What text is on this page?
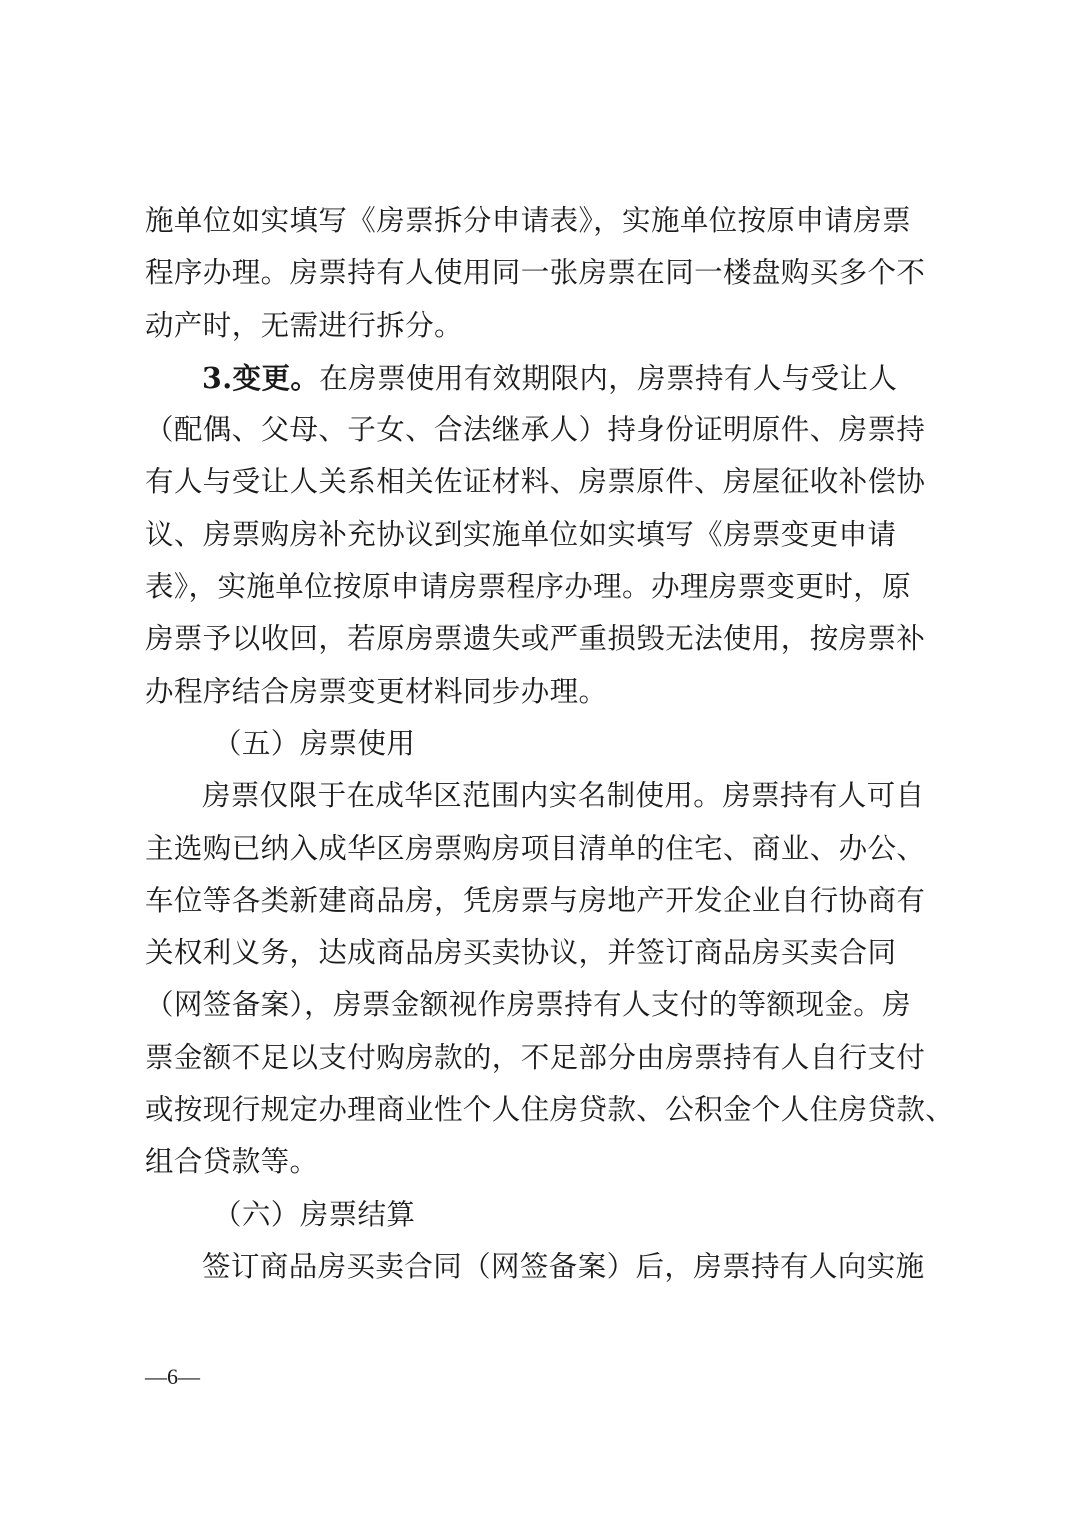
施单位如实填写《房票拆分申请表》，实施单位按原申请房票
程序办理。房票持有人使用同一张房票在同一楼盘购买多个不
动产时，无需进行拆分。
3.变更。在房票使用有效期限内，房票持有人与受让人
（配偶、父母、子女、合法继承人）持身份证明原件、房票持
有人与受让人关系相关佐证材料、房票原件、房屋征收补偿协
议、房票购房补充协议到实施单位如实填写《房票变更申请
表》，实施单位按原申请房票程序办理。办理房票变更时，原
房票予以收回，若原房票遗失或严重损毁无法使用，按房票补
办程序结合房票变更材料同步办理。
（五）房票使用
房票仅限于在成华区范围内实名制使用。房票持有人可自
主选购已纳入成华区房票购房项目清单的住宅、商业、办公、
车位等各类新建商品房，凭房票与房地产开发企业自行协商有
关权利义务，达成商品房买卖协议，并签订商品房买卖合同
（网签备案），房票金额视作房票持有人支付的等额现金。房
票金额不足以支付购房款的，不足部分由房票持有人自行支付
或按现行规定办理商业性个人住房贷款、公积金个人住房贷款、
组合贷款等。
（六）房票结算
签订商品房买卖合同（网签备案）后，房票持有人向实施
—6—
